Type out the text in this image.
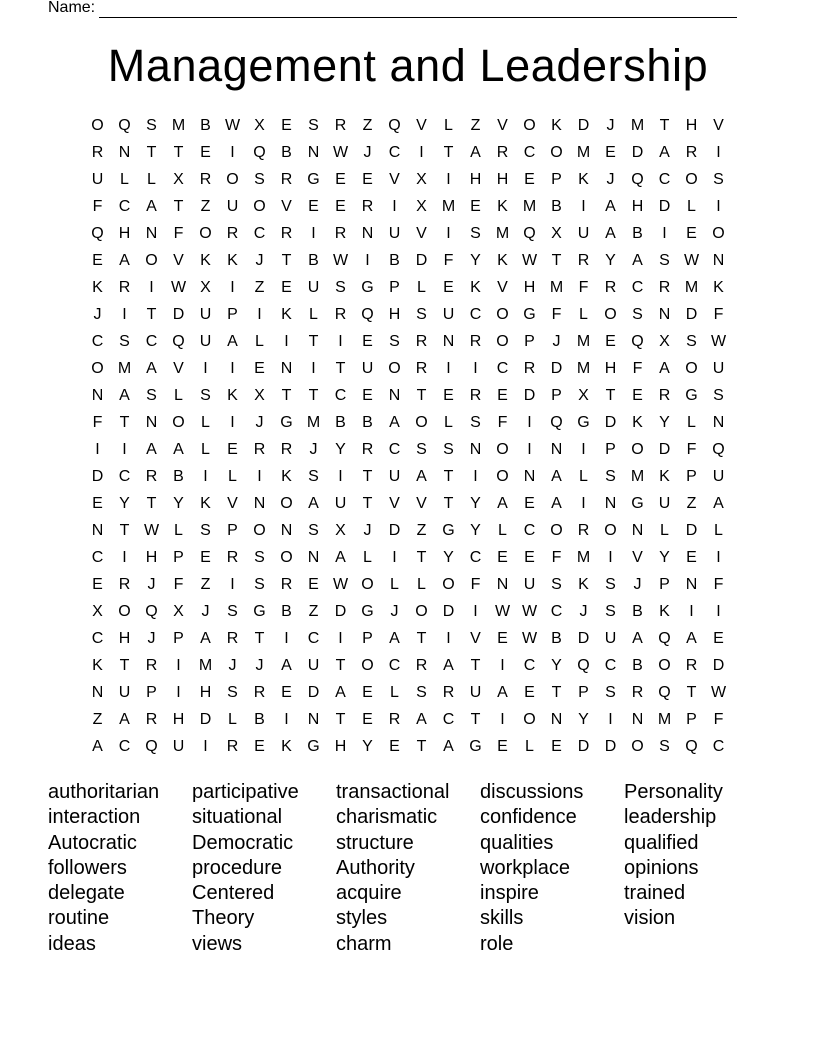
Name:
Management and Leadership
O Q S M B W X	E	S R	Z Q V	L	Z	V O K D	J	M T	H V
R N	T	T	E	I	Q B N W J	C	I	T	A R C O M E D A R	I
U	L	L	X R O S R G E	E	V	X	I	H H E	P	K	J	Q C O S
F	C A	T	Z	U O V	E	E R	I	X M E	K M B	I	A H D	L	I
Q H N	F O R C R	I	R N U V	I	S M Q X U A	B	I	E O
E	A O V	K	K	J	T	B W	I	B D	F	Y	K W T	R Y	A	S W N
K R	I	W X	I	Z	E U S G P	L	E	K	V H M F	R C R M K
J	I	T	D U P	I	K	L	R Q H S U C O G F	L	O S N D	F
C S C Q U A	L	I	T	I	E	S R N R O P	J	M E Q X	S W
O M A	V	I	I	E N	I	T	U O R	I	I	C R D M H	F	A O U
N A	S	L	S	K	X	T	T	C E N	T	E R E D P	X	T	E R G S
F	T	N O	L	I	J	G M B	B	A O	L	S	F	I	Q G D K	Y	L	N
I	I	A	A	L	E R R	J	Y R C S	S N O	I	N	I	P O D	F Q
D C R B	I	L	I	K	S	I	T	U A	T	I	O N A	L	S M K	P U
E	Y	T	Y	K	V N O A U	T	V	V	T	Y	A	E	A	I	N G U	Z	A
N	T W L	S	P O N S	X	J	D	Z G Y	L	C O R O N	L	D	L
C	I	H P	E R S O N A	L	I	T	Y C E	E	F M	I	V	Y	E	I
E R	J	F	Z	I	S R E W O	L	L	O F	N U S	K	S	J	P N	F
X O Q X	J	S G B	Z	D G	J	O D	I	W W C	J	S	B	K	I	I
C H	J	P	A R	T	I	C	I	P	A	T	I	V	E W B D U A Q A	E
K	T	R	I	M	J	J	A U	T O C R A	T	I	C Y Q C B O R D
N U P	I	H S R E D A	E	L	S R U A	E	T	P	S R Q T W
Z	A R H D	L	B	I	N	T	E R A C	T	I	O N Y	I	N M P	F
A C Q U	I	R E	K G H Y	E	T	A G E	L	E D D O S Q C
authoritarian
interaction
Autocratic
followers
delegate
routine
ideas
participative
situational
Democratic
procedure
Centered
Theory
views
transactional
charismatic
structure
Authority
acquire
styles
charm
discussions
confidence
qualities
workplace
inspire
skills
role
Personality
leadership
qualified
opinions
trained
vision
